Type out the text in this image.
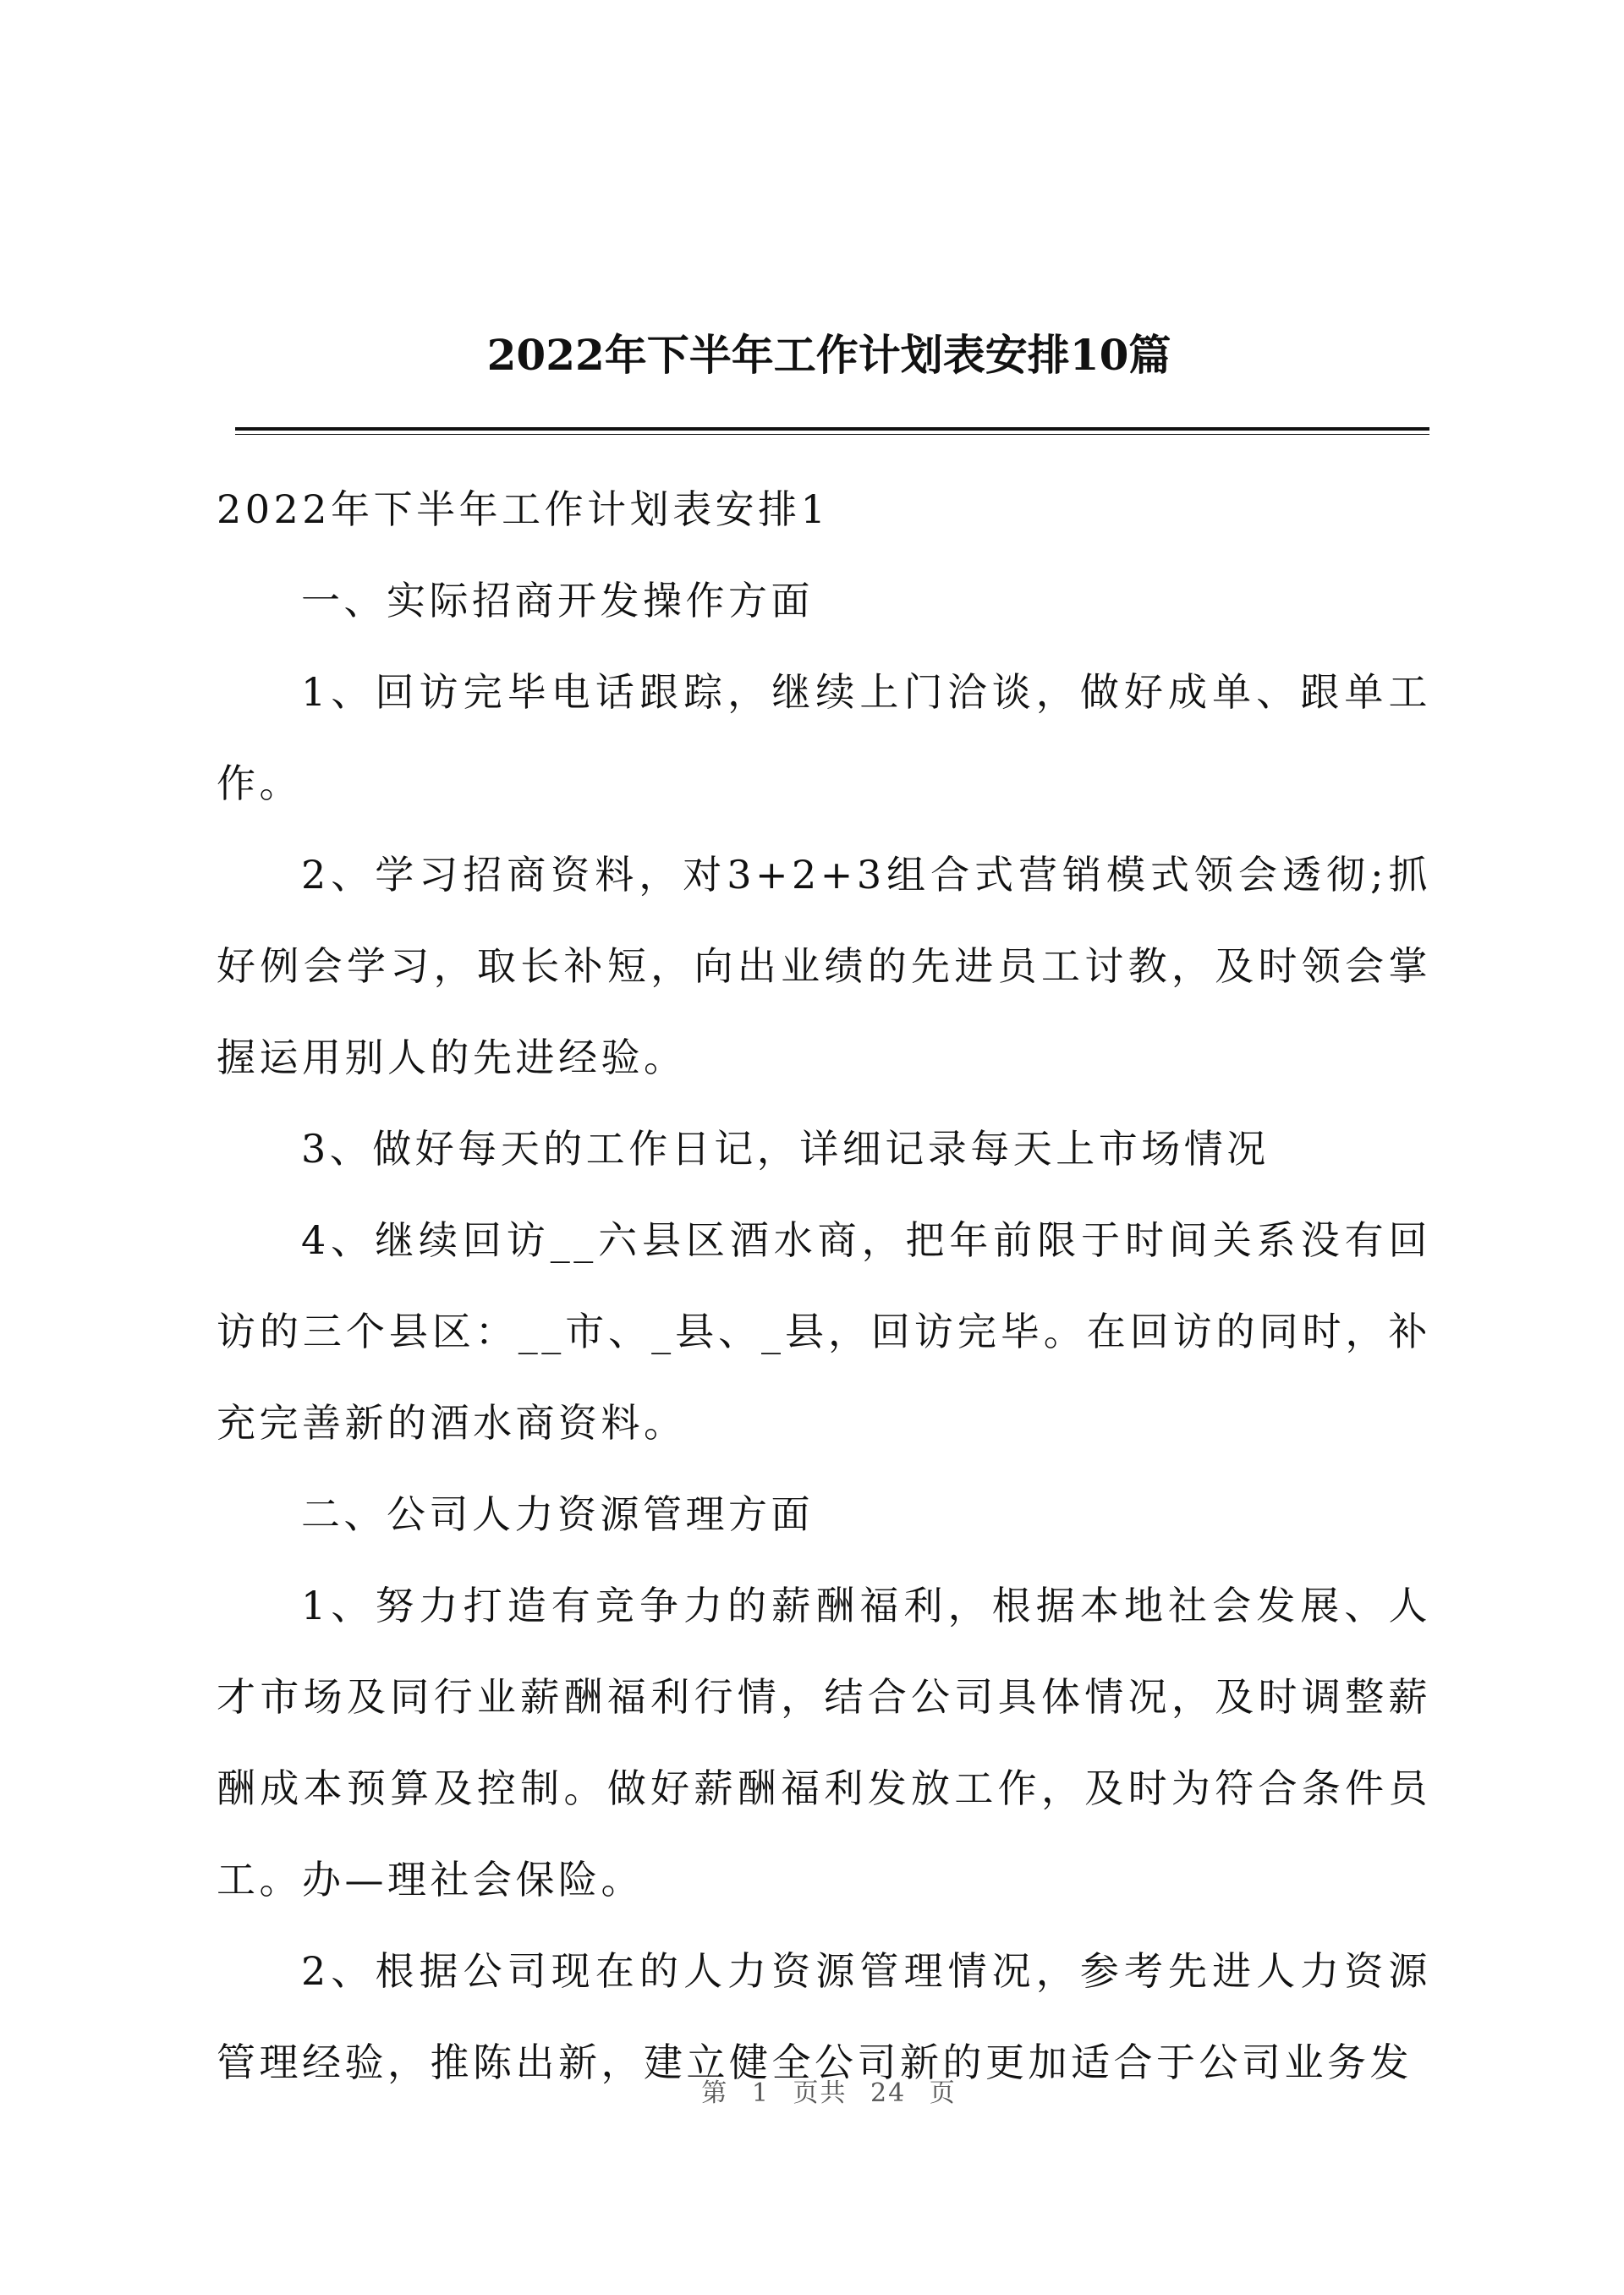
2022年下半年工作计划表安排10篇

2022年下半年工作计划表安排1

一、实际招商开发操作方面

1、回访完毕电话跟踪，继续上门洽谈，做好成单、跟单工作。

2、学习招商资料，对3+2+3组合式营销模式领会透彻;抓好例会学习，取长补短，向出业绩的先进员工讨教，及时领会掌握运用别人的先进经验。

3、做好每天的工作日记，详细记录每天上市场情况

4、继续回访__六县区酒水商，把年前限于时间关系没有回访的三个县区：__市、_县、_县，回访完毕。在回访的同时，补充完善新的酒水商资料。

二、公司人力资源管理方面

1、努力打造有竞争力的薪酬福利，根据本地社会发展、人才市场及同行业薪酬福利行情，结合公司具体情况，及时调整薪酬成本预算及控制。做好薪酬福利发放工作，及时为符合条件员工。办—理社会保险。

2、根据公司现在的人力资源管理情况，参考先进人力资源管理经验，推陈出新，建立健全公司新的更加适合于公司业务发

第 1 页共 24 页
